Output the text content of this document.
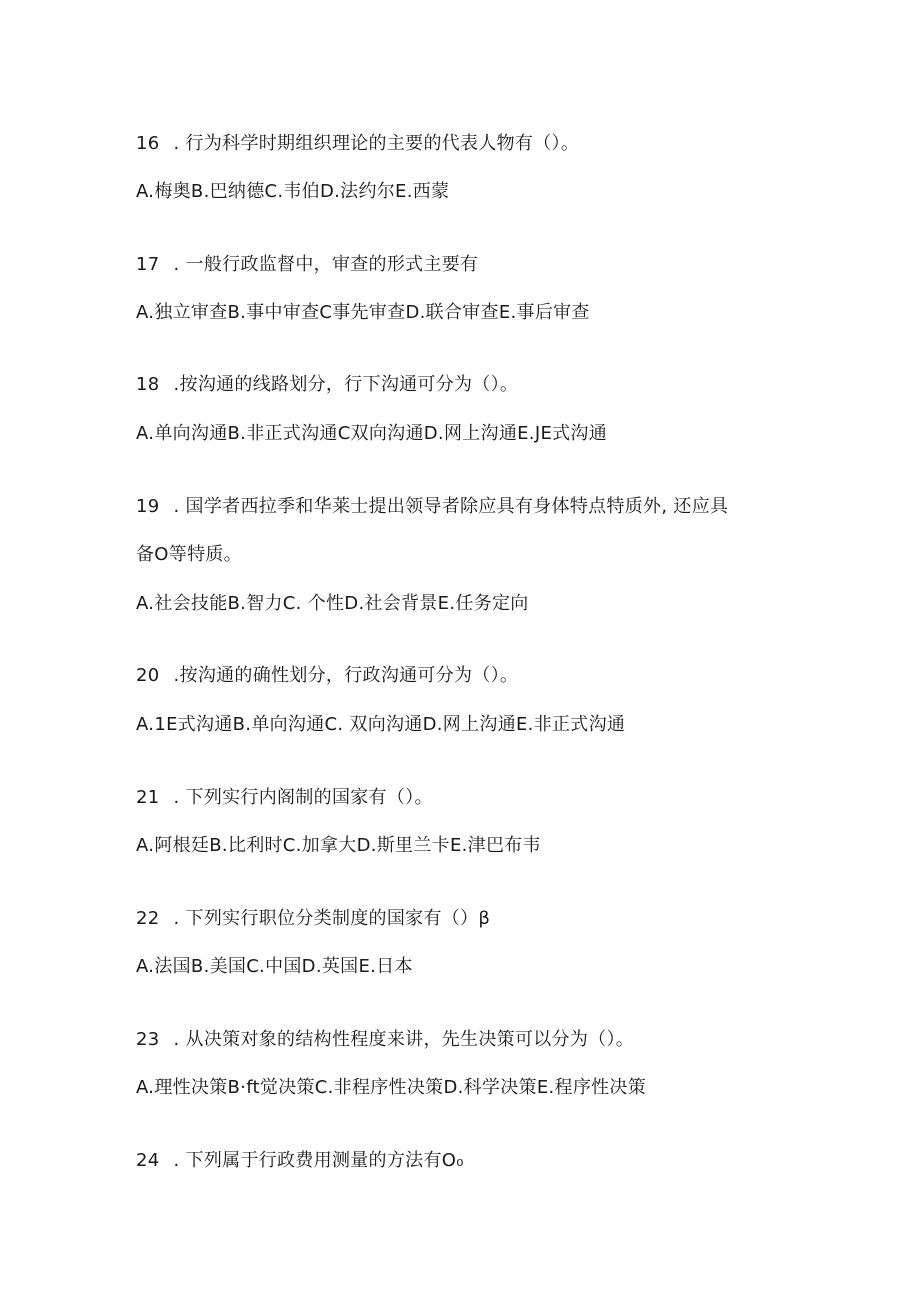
16 . 行为科学时期组织理论的主要的代表人物有（）。
A.梅奥B.巴纳德C.韦伯D.法约尔E.西蒙
17 . 一般行政监督中，审查的形式主要有
A.独立审查B.事中审查C事先审查D.联合审查E.事后审查
18 .按沟通的线路划分，行下沟通可分为（）。
A.单向沟通B.非正式沟通C双向沟通D.网上沟通E.JE式沟通
19 . 国学者西拉季和华莱士提出领导者除应具有身体特点特质外, 还应具
备O等特质。
A.社会技能B.智力C. 个性D.社会背景E.任务定向
20 .按沟通的确性划分，行政沟通可分为（）。
A.1E式沟通B.单向沟通C. 双向沟通D.网上沟通E.非正式沟通
21 . 下列实行内阁制的国家有（）。
A.阿根廷B.比利时C.加拿大D.斯里兰卡E.津巴布韦
22 . 下列实行职位分类制度的国家有（）β
A.法国B.美国C.中国D.英国E.日本
23 . 从决策对象的结构性程度来讲，先生决策可以分为（）。
A.理性决策B·ft觉决策C.非程序性决策D.科学决策E.程序性决策
24 . 下列属于行政费用测量的方法有O₀
